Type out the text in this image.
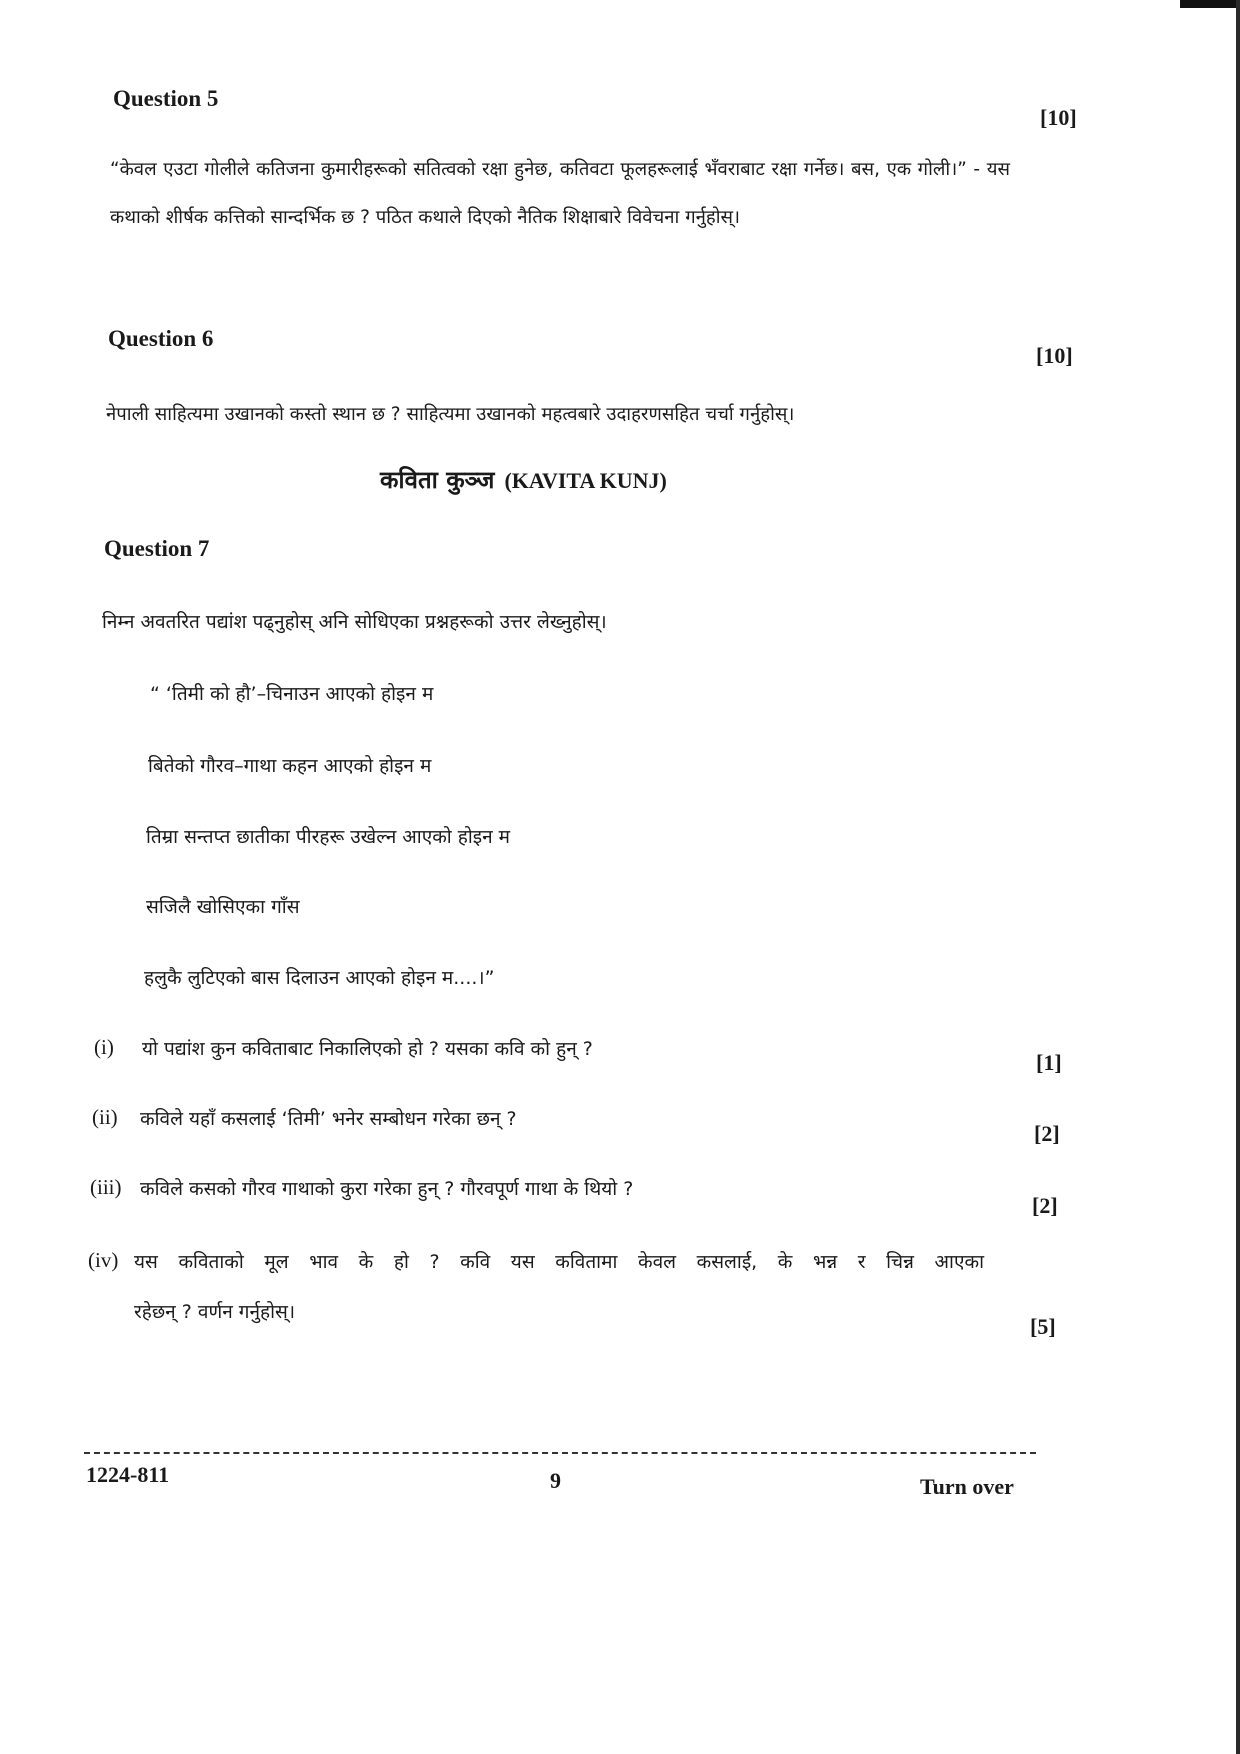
Question 5
[10]
“केवल एउटा गोलीले कतिजना कुमारीहरूको सतित्वको रक्षा हुनेछ, कतिवटा फूलहरूलाई भँवराबाट रक्षा गर्नेछ। बस, एक गोली।” - यस कथाको शीर्षक कत्तिको सान्दर्भिक छ ? पठित कथाले दिएको नैतिक शिक्षाबारे विवेचना गर्नुहोस्।
Question 6
[10]
नेपाली साहित्यमा उखानको कस्तो स्थान छ ? साहित्यमा उखानको महत्वबारे उदाहरणसहित चर्चा गर्नुहोस्।
कविता कुञ्ज (KAVITA KUNJ)
Question 7
निम्न अवतरित पद्यांश पढ्नुहोस् अनि सोधिएका प्रश्नहरूको उत्तर लेख्नुहोस्।
“ ‘तिमी को हौ’–चिनाउन आएको होइन म
बितेको गौरव–गाथा कहन आएको होइन म
तिम्रा सन्तप्त छातीका पीरहरू उखेल्न आएको होइन म
सजिलै खोसिएका गाँस
हलुकै लुटिएको बास दिलाउन आएको होइन म....।”
(i) यो पद्यांश कुन कविताबाट निकालिएको हो ? यसका कवि को हुन् ?
[1]
(ii) कविले यहाँ कसलाई ‘तिमी’ भनेर सम्बोधन गरेका छन् ?
[2]
(iii) कविले कसको गौरव गाथाको कुरा गरेका हुन् ? गौरवपूर्ण गाथा के थियो ?
[2]
(iv) यस कविताको मूल भाव के हो ? कवि यस कवितामा केवल कसलाई, के भन्न र चिन्न आएका
रहेछन् ? वर्णन गर्नुहोस्।
[5]
1224-811	9	Turn over
